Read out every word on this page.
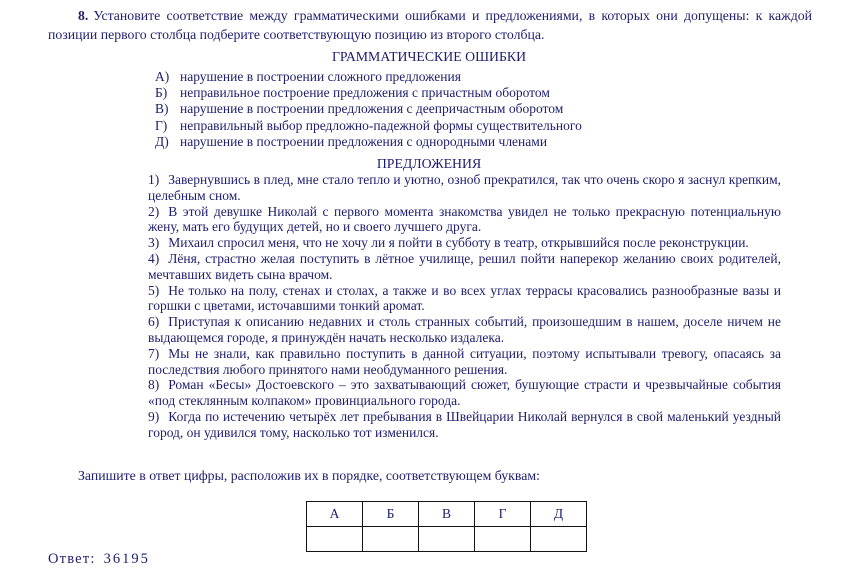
8. Установите соответствие между грамматическими ошибками и предложениями, в которых они допущены: к каждой позиции первого столбца подберите соответствующую позицию из второго столбца.

ГРАММАТИЧЕСКИЕ ОШИБКИ
А) нарушение в построении сложного предложения
Б) неправильное построение предложения с причастным оборотом
В) нарушение в построении предложения с деепричастным оборотом
Г) неправильный выбор предложно-падежной формы существительного
Д) нарушение в построении предложения с однородными членами
ПРЕДЛОЖЕНИЯ

1) Завернувшись в плед, мне стало тепло и уютно, озноб прекратился, так что очень скоро я заснул крепким, целебным сном.

2) В этой девушке Николай с первого момента знакомства увидел не только прекрасную потенциальную жену, мать его будущих детей, но и своего лучшего друга.

3) Михаил спросил меня, что не хочу ли я пойти в субботу в театр, открывшийся после реконструкции.

4) Лёня, страстно желая поступить в лётное училище, решил пойти наперекор желанию своих родителей, мечтавших видеть сына врачом.

5) Не только на полу, стенах и столах, а также и во всех углах террасы красовались разнообразные вазы и горшки с цветами, источавшими тонкий аромат.

6) Приступая к описанию недавних и столь странных событий, произошедшим в нашем, доселе ничем не выдающемся городе, я принуждён начать несколько издалека.

7) Мы не знали, как правильно поступить в данной ситуации, поэтому испытывали тревогу, опасаясь за последствия любого принятого нами необдуманного решения.

8) Роман «Бесы» Достоевского – это захватывающий сюжет, бушующие страсти и чрезвычайные события «под стеклянным колпаком» провинциального города.

9) Когда по истечению четырёх лет пребывания в Швейцарии Николай вернулся в свой маленький уездный город, он удивился тому, насколько тот изменился.

Запишите в ответ цифры, расположив их в порядке, соответствующем буквам:

А	Б	В	Г	Д

Ответ: 36195
